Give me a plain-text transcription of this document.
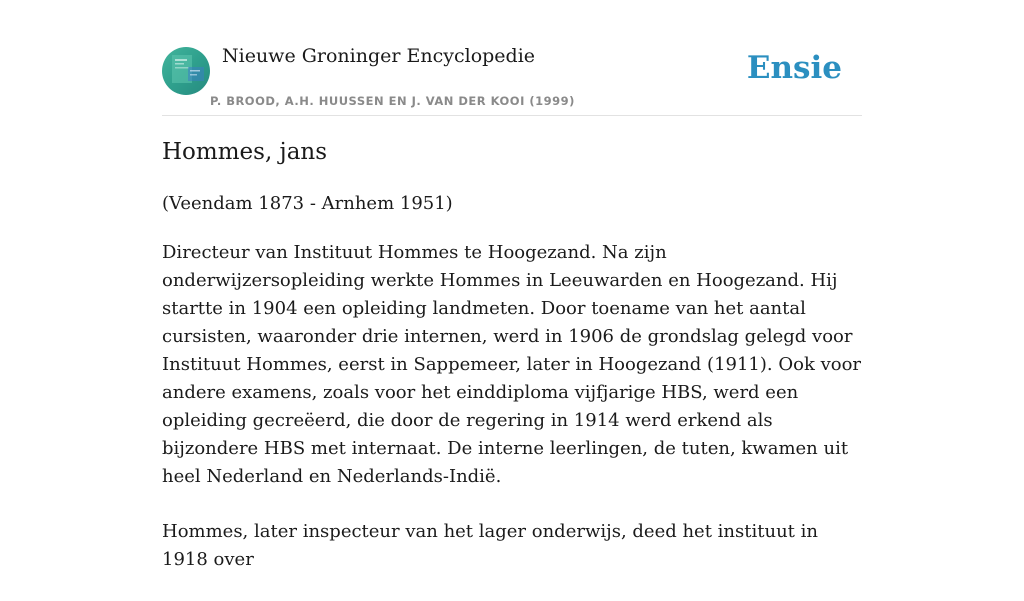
Nieuwe Groninger Encyclopedie
P. BROOD, A.H. HUUSSEN EN J. VAN DER KOOI (1999)
Ensie
Hommes, jans
(Veendam 1873 - Arnhem 1951)

Directeur van Instituut Hommes te Hoogezand. Na zijn onderwijzersopleiding werkte Hommes in Leeuwarden en Hoogezand. Hij startte in 1904 een opleiding landmeten. Door toename van het aantal cursisten, waaronder drie internen, werd in 1906 de grondslag gelegd voor Instituut Hommes, eerst in Sappemeer, later in Hoogezand (1911). Ook voor andere examens, zoals voor het einddiploma vijfjarige HBS, werd een opleiding gecreëerd, die door de regering in 1914 werd erkend als bijzondere HBS met internaat. De interne leerlingen, de tuten, kwamen uit heel Nederland en Nederlands-Indië.

Hommes, later inspecteur van het lager onderwijs, deed het instituut in 1918 over
